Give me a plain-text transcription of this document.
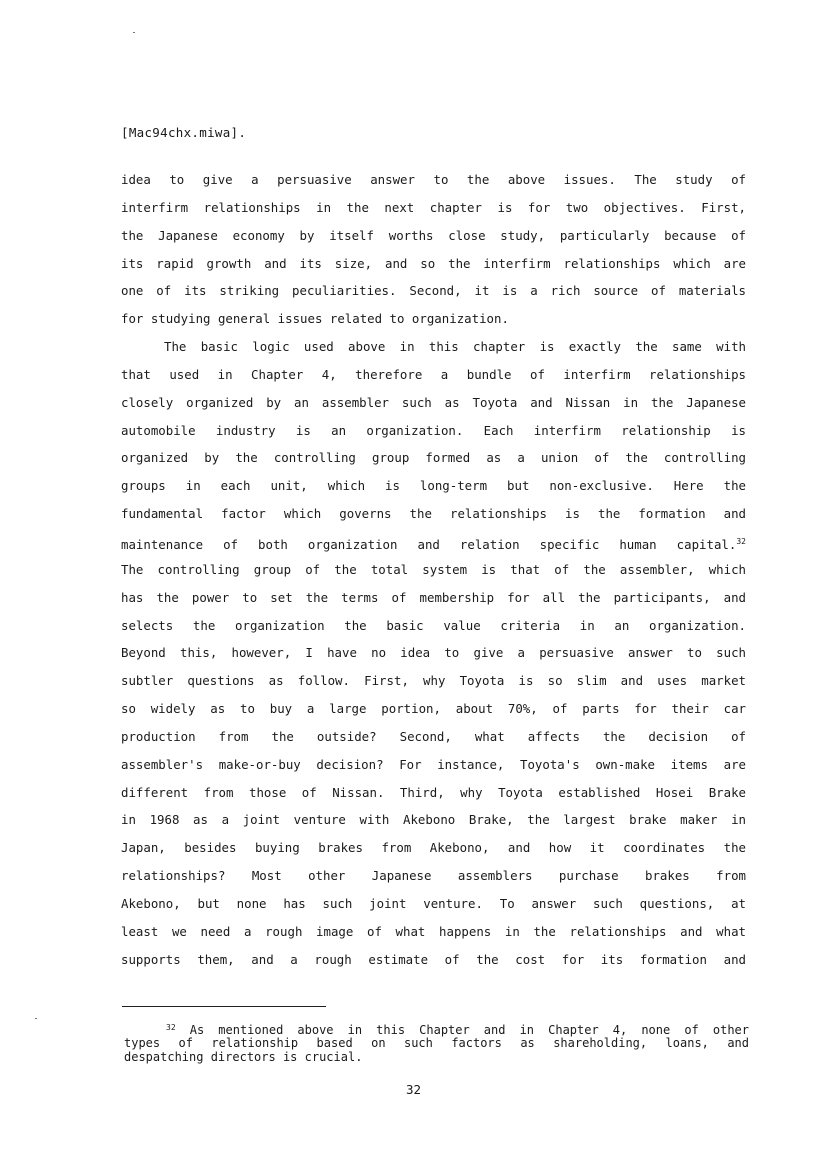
[Mac94chx.miwa].
idea to give a persuasive answer to the above issues. The study of
interfirm relationships in the next chapter is for two objectives. First,
the Japanese economy by itself worths close study, particularly because of
its rapid growth and its size, and so the interfirm relationships which are
one of its striking peculiarities. Second, it is a rich source of materials
for studying general issues related to organization.
The basic logic used above in this chapter is exactly the same with
that used in Chapter 4, therefore a bundle of interfirm relationships
closely organized by an assembler such as Toyota and Nissan in the Japanese
automobile industry is an organization. Each interfirm relationship is
organized by the controlling group formed as a union of the controlling
groups in each unit, which is long-term but non-exclusive. Here the
fundamental factor which governs the relationships is the formation and
maintenance of both organization and relation specific human capital.$^{32}$
The controlling group of the total system is that of the assembler, which
has the power to set the terms of membership for all the participants, and
selects the organization the basic value criteria in an organization.
Beyond this, however, I have no idea to give a persuasive answer to such
subtler questions as follow. First, why Toyota is so slim and uses market
so widely as to buy a large portion, about 70%, of parts for their car
production from the outside? Second, what affects the decision of
assembler's make-or-buy decision? For instance, Toyota's own-make items are
different from those of Nissan. Third, why Toyota established Hosei Brake
in 1968 as a joint venture with Akebono Brake, the largest brake maker in
Japan, besides buying brakes from Akebono, and how it coordinates the
relationships? Most other Japanese assemblers purchase brakes from
Akebono, but none has such joint venture. To answer such questions, at
least we need a rough image of what happens in the relationships and what
supports them, and a rough estimate of the cost for its formation and
$^{32}$ As mentioned above in this Chapter and in Chapter 4, none of other
types of relationship based on such factors as shareholding, loans, and
despatching directors is crucial.
32
